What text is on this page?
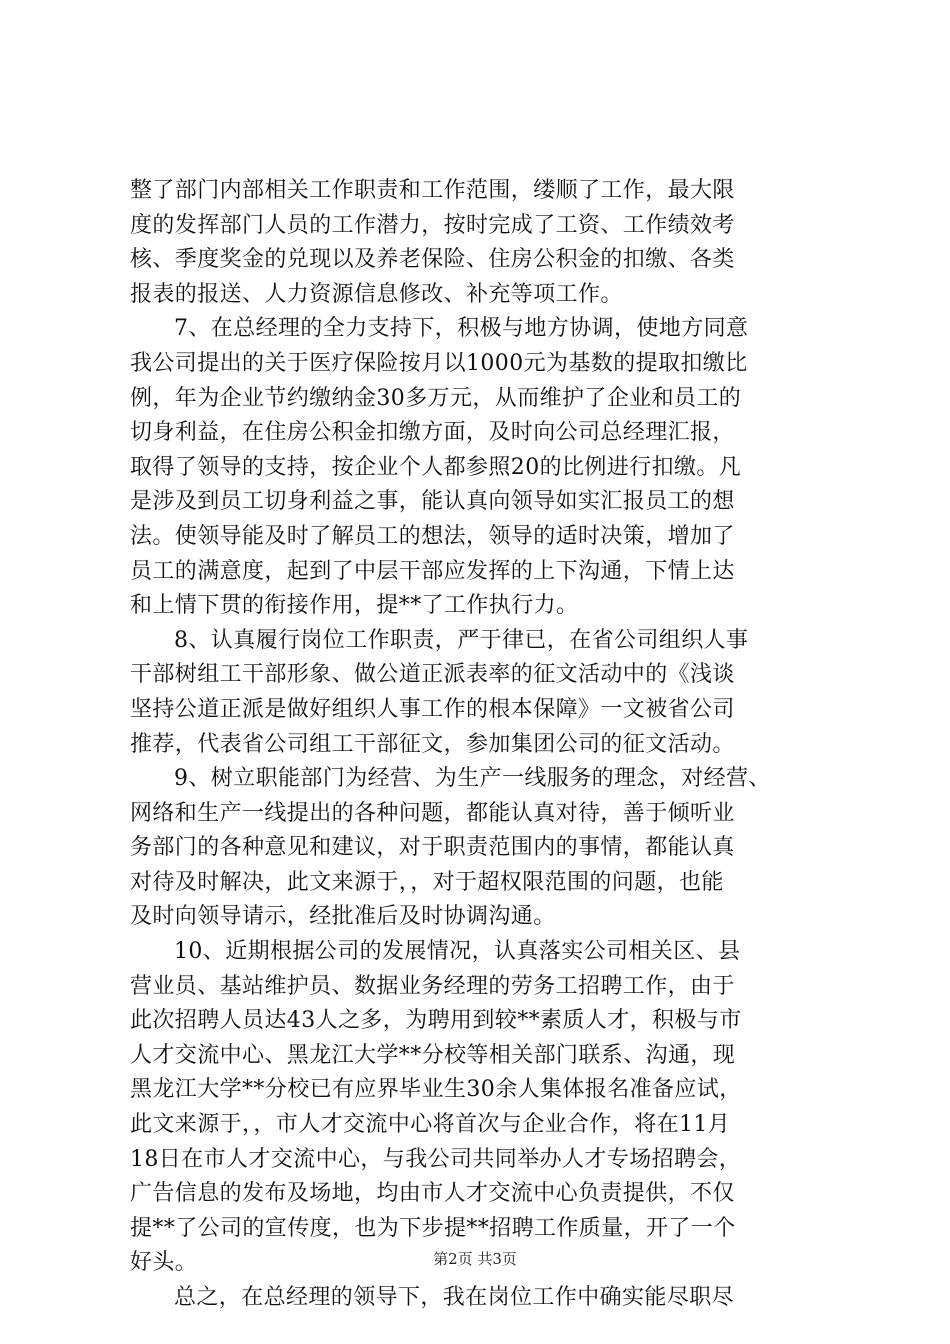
整了部门内部相关工作职责和工作范围，缕顺了工作，最大限
度的发挥部门人员的工作潜力，按时完成了工资、工作绩效考
核、季度奖金的兑现以及养老保险、住房公积金的扣缴、各类
报表的报送、人力资源信息修改、补充等项工作。
7、在总经理的全力支持下，积极与地方协调，使地方同意
我公司提出的关于医疗保险按月以1000元为基数的提取扣缴比
例，年为企业节约缴纳金30多万元，从而维护了企业和员工的
切身利益，在住房公积金扣缴方面，及时向公司总经理汇报，
取得了领导的支持，按企业个人都参照20的比例进行扣缴。凡
是涉及到员工切身利益之事，能认真向领导如实汇报员工的想
法。使领导能及时了解员工的想法，领导的适时决策，增加了
员工的满意度，起到了中层干部应发挥的上下沟通，下情上达
和上情下贯的衔接作用，提**了工作执行力。
8、认真履行岗位工作职责，严于律已，在省公司组织人事
干部树组工干部形象、做公道正派表率的征文活动中的《浅谈
坚持公道正派是做好组织人事工作的根本保障》一文被省公司
推荐，代表省公司组工干部征文，参加集团公司的征文活动。
9、树立职能部门为经营、为生产一线服务的理念，对经营、
网络和生产一线提出的各种问题，都能认真对待，善于倾听业
务部门的各种意见和建议，对于职责范围内的事情，都能认真
对待及时解决，此文来源于，，对于超权限范围的问题，也能
及时向领导请示，经批准后及时协调沟通。
10、近期根据公司的发展情况，认真落实公司相关区、县
营业员、基站维护员、数据业务经理的劳务工招聘工作，由于
此次招聘人员达43人之多，为聘用到较**素质人才，积极与市
人才交流中心、黑龙江大学**分校等相关部门联系、沟通，现
黑龙江大学**分校已有应界毕业生30余人集体报名准备应试，
此文来源于，，市人才交流中心将首次与企业合作，将在11月
18日在市人才交流中心，与我公司共同举办人才专场招聘会，
广告信息的发布及场地，均由市人才交流中心负责提供，不仅
提**了公司的宣传度，也为下步提**招聘工作质量，开了一个
好头。
总之，在总经理的领导下，我在岗位工作中确实能尽职尽
第2页 共3页
